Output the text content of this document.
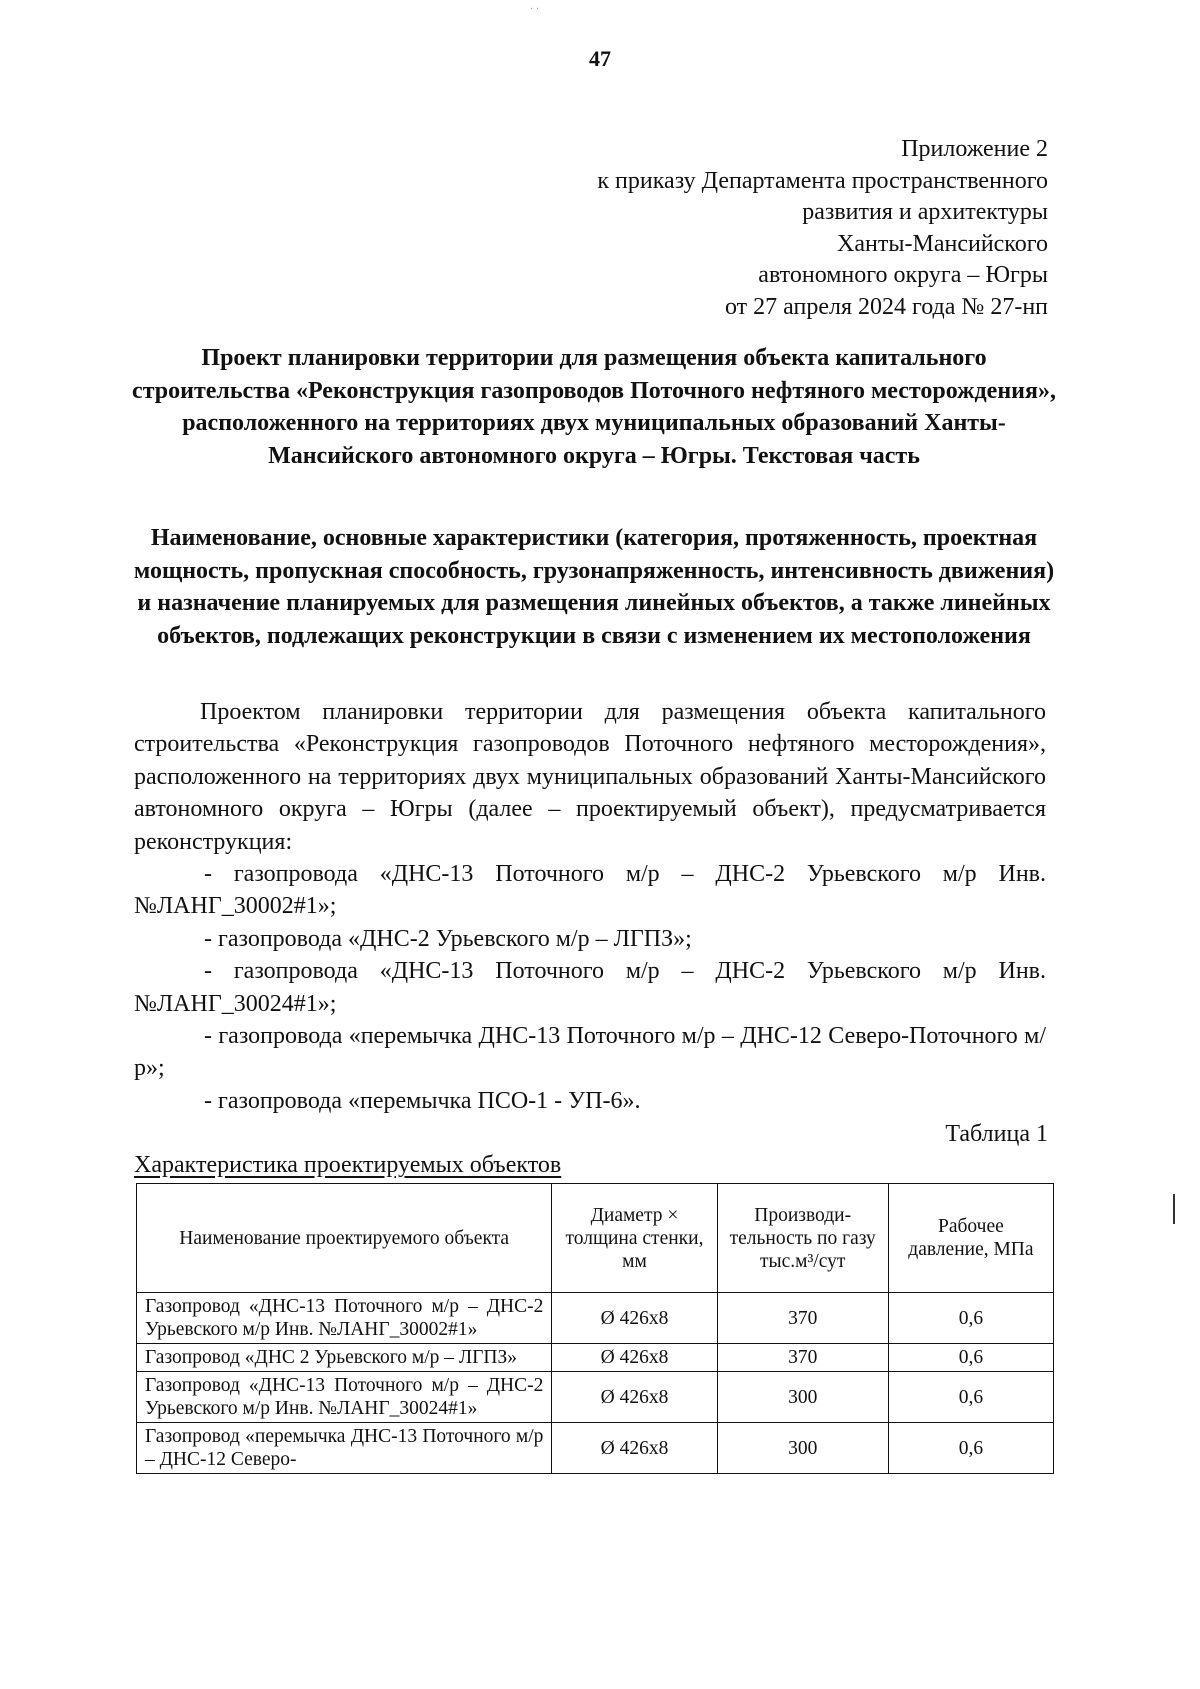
· ·
47
Приложение 2
к приказу Департамента пространственного
развития и архитектуры
Ханты-Мансийского
автономного округа – Югры
от 27 апреля 2024 года № 27-нп
Проект планировки территории для размещения объекта капитального строительства «Реконструкция газопроводов Поточного нефтяного месторождения», расположенного на территориях двух муниципальных образований Ханты-Мансийского автономного округа – Югры. Текстовая часть
Наименование, основные характеристики (категория, протяженность, проектная мощность, пропускная способность, грузонапряженность, интенсивность движения) и назначение планируемых для размещения линейных объектов, а также линейных объектов, подлежащих реконструкции в связи с изменением их местоположения

Проектом планировки территории для размещения объекта капитального строительства «Реконструкция газопроводов Поточного нефтяного месторождения», расположенного на территориях двух муниципальных образований Ханты-Мансийского автономного округа – Югры (далее – проектируемый объект), предусматривается реконструкция:

- газопровода «ДНС-13 Поточного м/р – ДНС-2 Урьевского м/р Инв. №ЛАНГ_30002#1»;

- газопровода «ДНС-2 Урьевского м/р – ЛГПЗ»;

- газопровода «ДНС-13 Поточного м/р – ДНС-2 Урьевского м/р Инв. №ЛАНГ_30024#1»;

- газопровода «перемычка ДНС-13 Поточного м/р – ДНС-12 Северо-Поточного м/р»;

- газопровода «перемычка ПСО-1 - УП-6».

Таблица 1
Характеристика проектируемых объектов
Наименование проектируемого объекта	Диаметр × толщина стенки, мм	Производи-тельность по газу тыс.м³/сут	Рабочее давление, МПа
Газопровод «ДНС-13 Поточного м/р – ДНС-2 Урьевского м/р Инв. №ЛАНГ_30002#1»	Ø 426х8	370	0,6
Газопровод «ДНС 2 Урьевского м/р – ЛГПЗ»	Ø 426х8	370	0,6
Газопровод «ДНС-13 Поточного м/р – ДНС-2 Урьевского м/р Инв. №ЛАНГ_30024#1»	Ø 426х8	300	0,6
Газопровод «перемычка ДНС-13 Поточного м/р – ДНС-12 Северо-	Ø 426х8	300	0,6
